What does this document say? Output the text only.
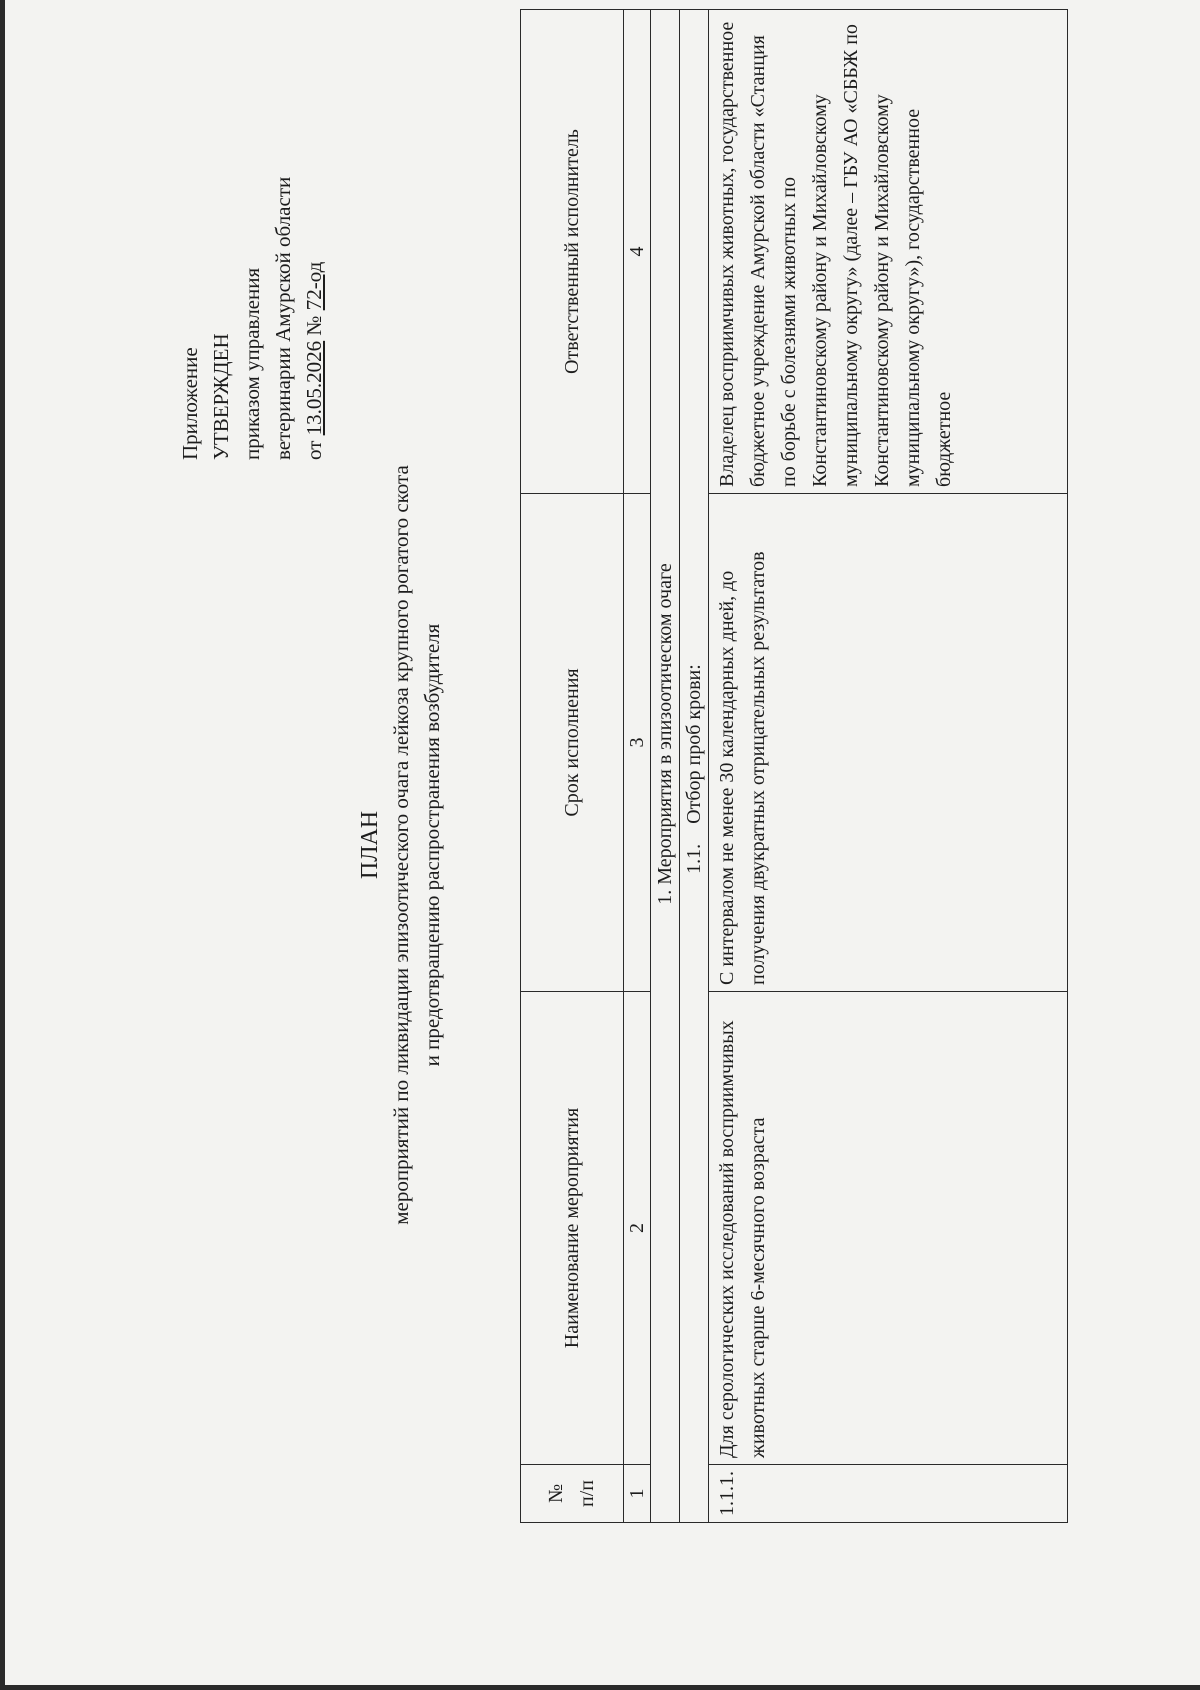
Приложение УТВЕРЖДЕН приказом управления ветеринарии Амурской области от 13.05.2026 № 72-од
ПЛАН мероприятий по ликвидации эпизоотического очага лейкоза крупного рогатого скота и предотвращению распространения возбудителя
№ п/п	Наименование мероприятия	Срок исполнения	Ответственный исполнитель
1	2	3	4
1. Мероприятия в эпизоотическом очаге			
1.1.Отбор проб крови:			
1.1.1.	Для серологических исследований восприимчивых животных старше 6-месячного возраста	С интервалом не менее 30 календарных дней, до получения двукратных отрицательных результатов	Владелец восприимчивых животных, государственное бюджетное учреждение Амурской области «Станция по борьбе с болезнями животных по Константиновскому району и Михайловскому муниципальному округу» (далее – ГБУ АО «СББЖ по Константиновскому району и Михайловскому муниципальному округу»), государственное бюджетное
